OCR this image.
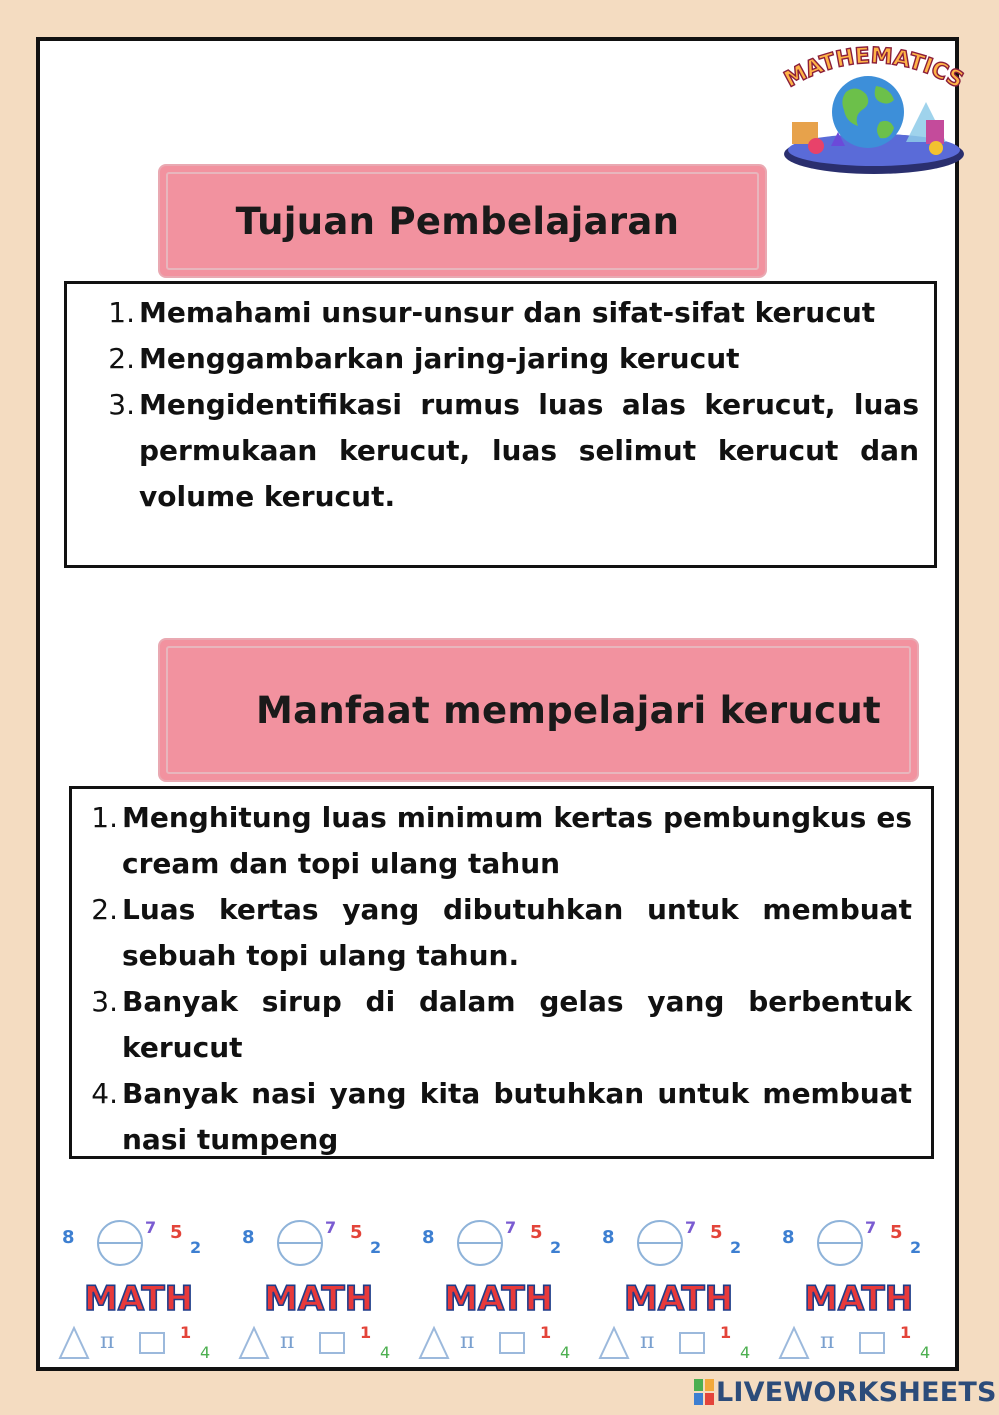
MATHEMATICS
Tujuan Pembelajaran
1. Memahami unsur-unsur dan sifat-sifat kerucut
2. Menggambarkan jaring-jaring kerucut
3. Mengidentifikasi rumus luas alas kerucut, luas permukaan kerucut, luas selimut kerucut dan volume kerucut.
Manfaat mempelajari kerucut
1. Menghitung luas minimum kertas pembungkus es cream dan topi ulang tahun
2. Luas kertas yang dibutuhkan untuk membuat sebuah topi ulang tahun.
3. Banyak sirup di dalam gelas yang berbentuk kerucut
4. Banyak nasi yang kita butuhkan untuk membuat nasi tumpeng
8	5
2
7
π	1
4
MATH
8	5
2
7
π	1
4
MATH
8	5
2
7
π	1
4
MATH
8	5
2
7
π	1
4
MATH
8	5
2
7
π	1
4
MATH
LIVEWORKSHEETS
